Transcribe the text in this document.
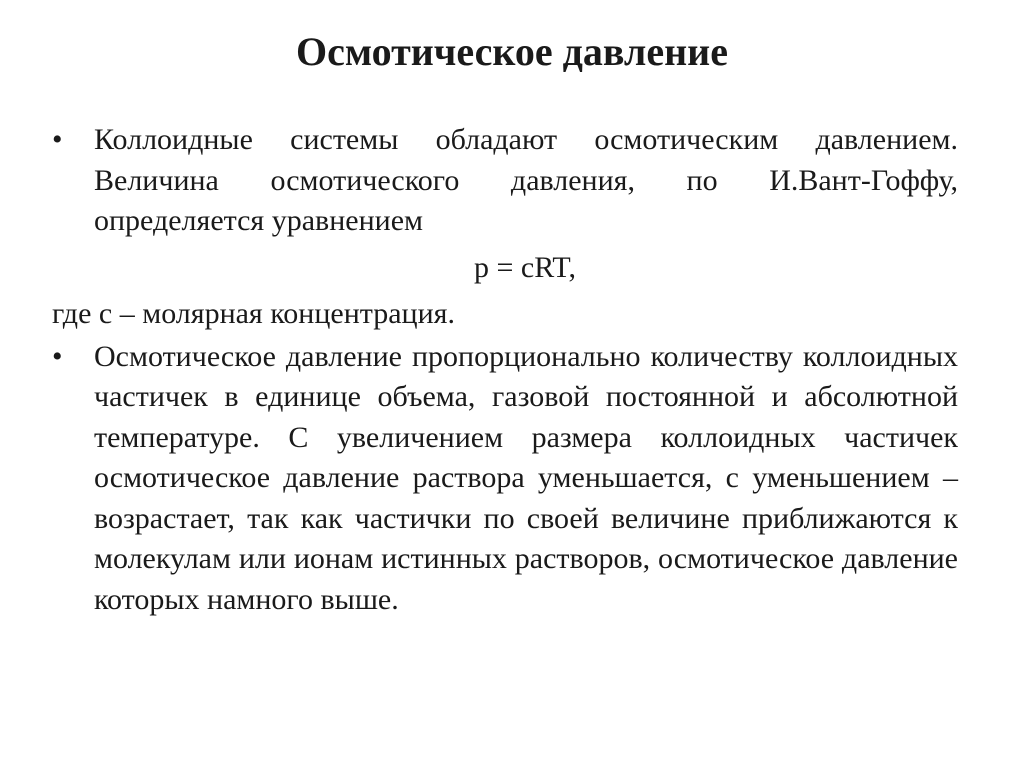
Осмотическое давление
•	Коллоидные системы обладают осмотическим давлением. Величина осмотического давления, по И.Вант-Гоффу, определяется уравнением
p = cRT,
где с – молярная концентрация.
•	Осмотическое давление пропорционально количеству коллоидных частичек в единице объема, газовой постоянной и абсолютной температуре. С увеличением размера коллоидных частичек осмотическое давление раствора уменьшается, с уменьшением – возрастает, так как частички по своей величине приближаются к молекулам или ионам истинных растворов, осмотическое давление которых намного выше.
